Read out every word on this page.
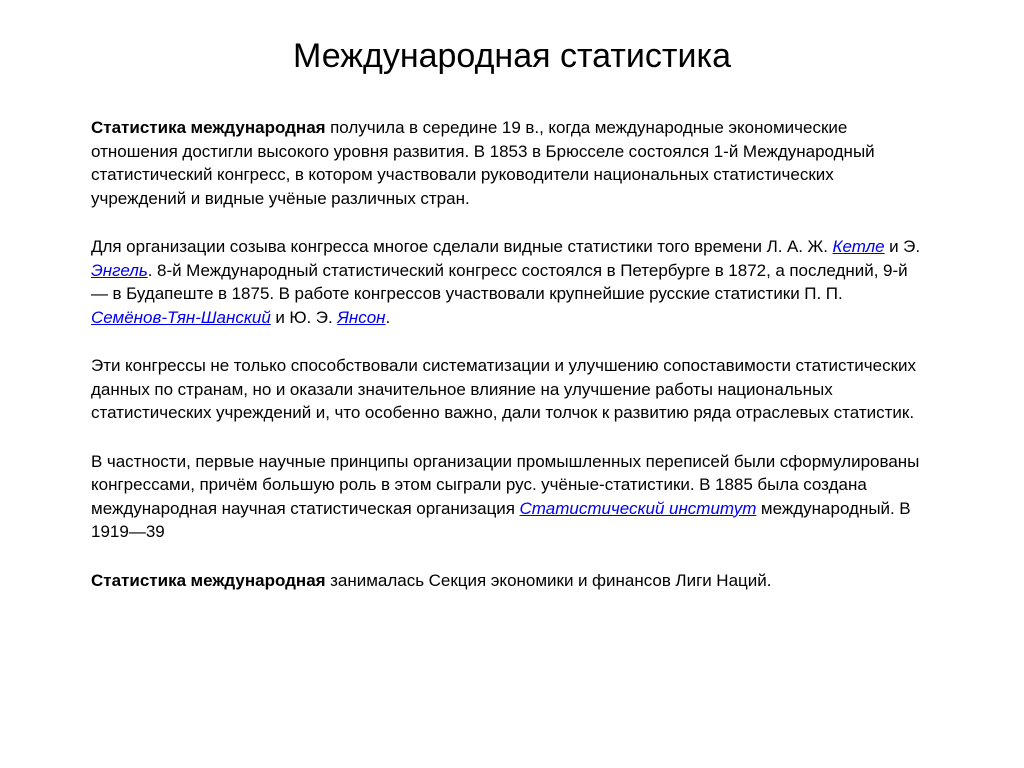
Международная статистика

Статистика международная получила в середине 19 в., когда международные экономические отношения достигли высокого уровня развития. В 1853 в Брюсселе состоялся 1-й Международный статистический конгресс, в котором участвовали руководители национальных статистических учреждений и видные учёные различных стран.

Для организации созыва конгресса многое сделали видные статистики того времени Л. А. Ж. Кетле и Э. Энгель. 8-й Международный статистический конгресс состоялся в Петербурге в 1872, а последний, 9-й — в Будапеште в 1875. В работе конгрессов участвовали крупнейшие русские статистики П. П. Семёнов-Тян-Шанский и Ю. Э. Янсон.

Эти конгрессы не только способствовали систематизации и улучшению сопоставимости статистических данных по странам, но и оказали значительное влияние на улучшение работы национальных статистических учреждений и, что особенно важно, дали толчок к развитию ряда отраслевых статистик.

В частности, первые научные принципы организации промышленных переписей были сформулированы конгрессами, причём большую роль в этом сыграли рус. учёные-статистики. В 1885 была создана международная научная статистическая организация Статистический институт международный. В 1919—39

Статистика международная занималась Секция экономики и финансов Лиги Наций.
